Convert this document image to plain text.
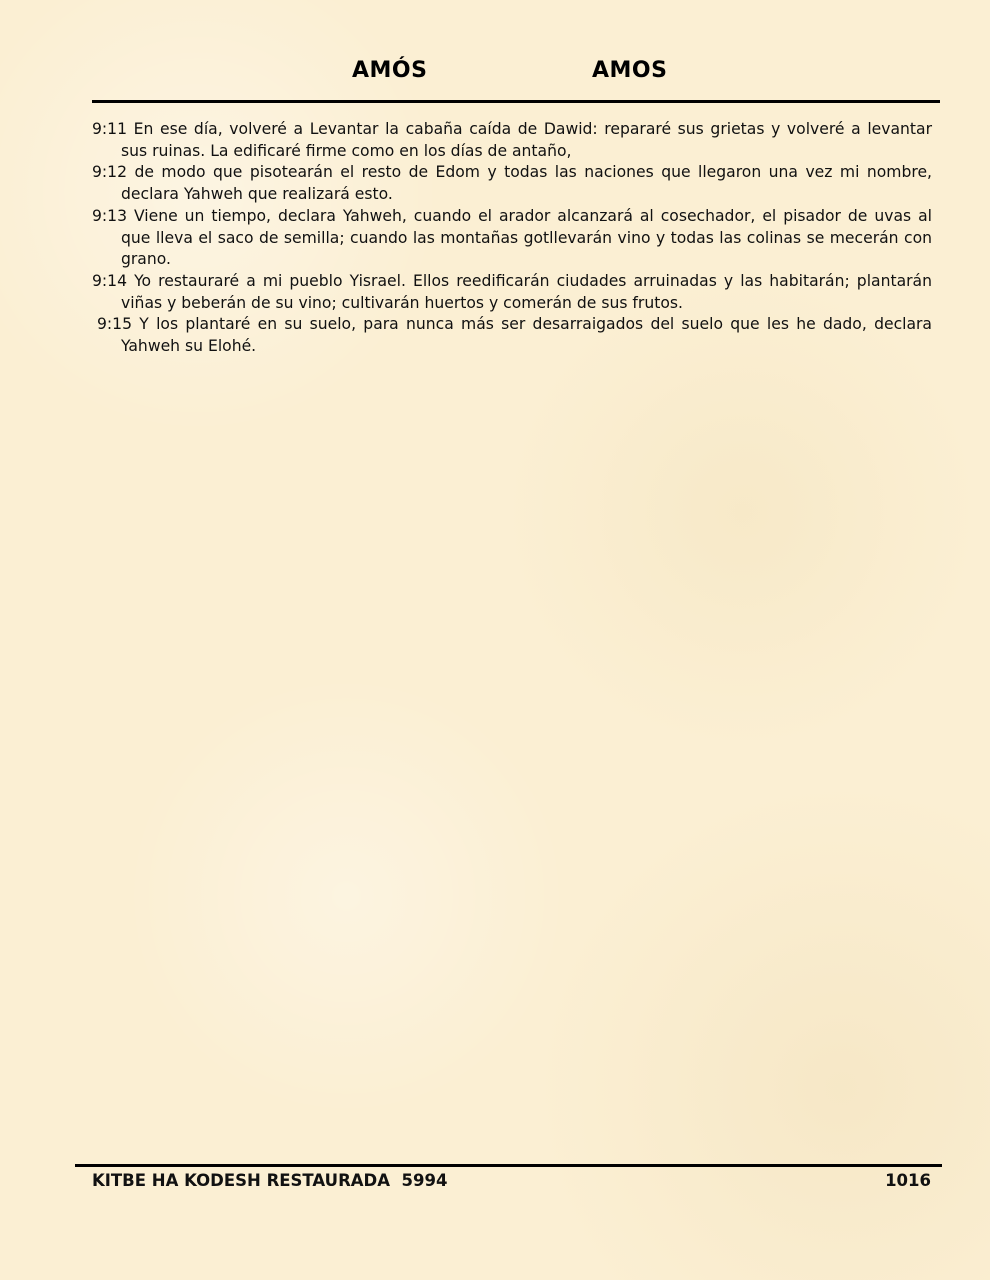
AMÓS	AMOS

9:11 En ese día, volveré a Levantar la cabaña caída de Dawid: repararé sus grietas y volveré a levantar sus ruinas. La edificaré firme como en los días de antaño,

9:12 de modo que pisotearán el resto de Edom y todas las naciones que llegaron una vez mi nombre, declara Yahweh que realizará esto.

9:13 Viene un tiempo, declara Yahweh, cuando el arador alcanzará al cosechador, el pisador de uvas al que lleva el saco de semilla; cuando las montañas gotllevarán vino y todas las colinas se mecerán con grano.

9:14 Yo restauraré a mi pueblo Yisrael. Ellos reedificarán ciudades arruinadas y las habitarán; plantarán viñas y beberán de su vino; cultivarán huertos y comerán de sus frutos.

9:15 Y los plantaré en su suelo, para nunca más ser desarraigados del suelo que les he dado, declara Yahweh su Elohé.

KITBE HA KODESH RESTAURADA  5994	1016
